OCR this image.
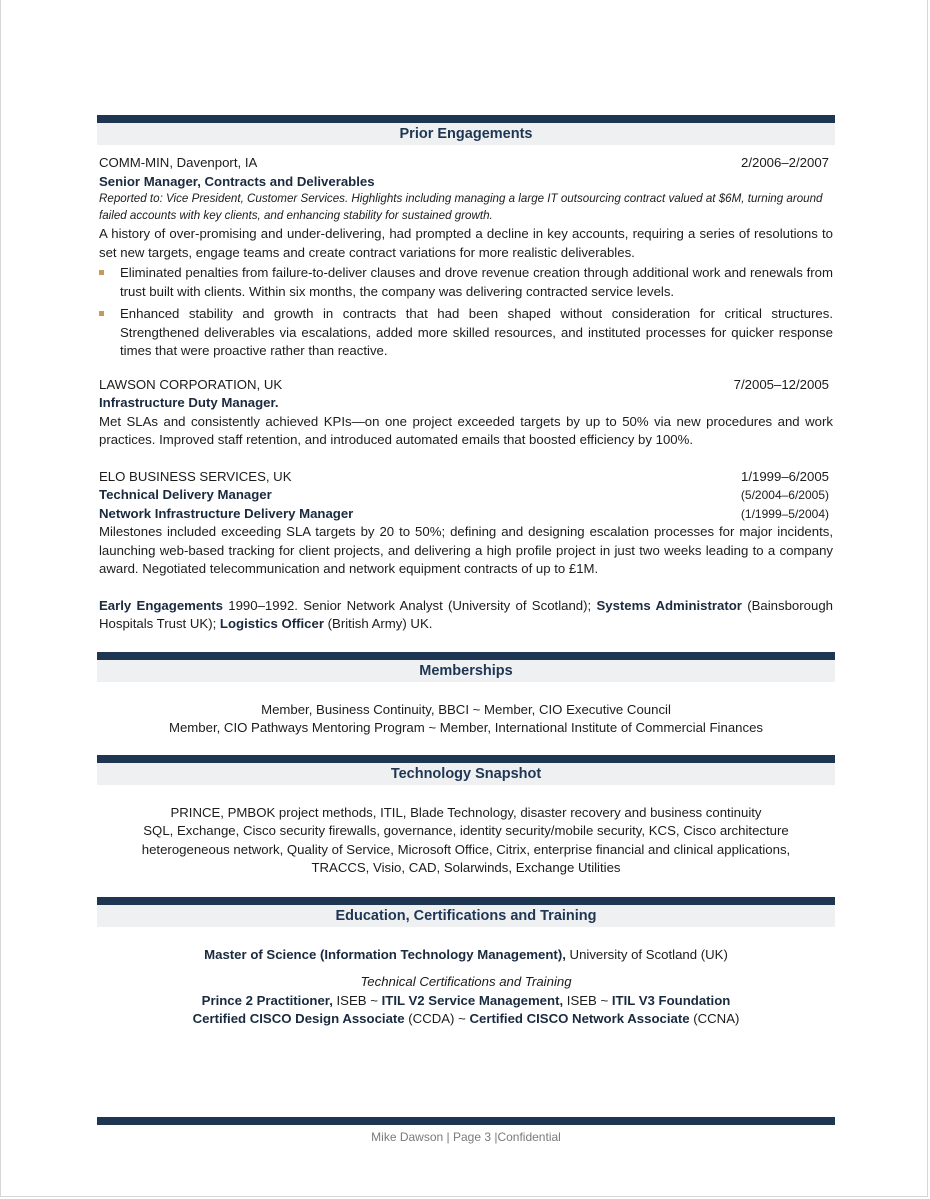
Prior Engagements
COMM-MIN, Davenport, IA	2/2006–2/2007
Senior Manager, Contracts and Deliverables
Reported to: Vice President, Customer Services. Highlights including managing a large IT outsourcing contract valued at $6M, turning around failed accounts with key clients, and enhancing stability for sustained growth.
A history of over-promising and under-delivering, had prompted a decline in key accounts, requiring a series of resolutions to set new targets, engage teams and create contract variations for more realistic deliverables.
Eliminated penalties from failure-to-deliver clauses and drove revenue creation through additional work and renewals from trust built with clients. Within six months, the company was delivering contracted service levels.
Enhanced stability and growth in contracts that had been shaped without consideration for critical structures. Strengthened deliverables via escalations, added more skilled resources, and instituted processes for quicker response times that were proactive rather than reactive.
LAWSON CORPORATION, UK	7/2005–12/2005
Infrastructure Duty Manager.
Met SLAs and consistently achieved KPIs—on one project exceeded targets by up to 50% via new procedures and work practices. Improved staff retention, and introduced automated emails that boosted efficiency by 100%.
ELO BUSINESS SERVICES, UK	1/1999–6/2005
Technical Delivery Manager	(5/2004–6/2005)
Network Infrastructure Delivery Manager	(1/1999–5/2004)
Milestones included exceeding SLA targets by 20 to 50%; defining and designing escalation processes for major incidents, launching web-based tracking for client projects, and delivering a high profile project in just two weeks leading to a company award. Negotiated telecommunication and network equipment contracts of up to £1M.
Early Engagements 1990–1992. Senior Network Analyst (University of Scotland); Systems Administrator (Bainsborough Hospitals Trust UK); Logistics Officer (British Army) UK.
Memberships
Member, Business Continuity, BBCI ~ Member, CIO Executive Council
Member, CIO Pathways Mentoring Program ~ Member, International Institute of Commercial Finances
Technology Snapshot
PRINCE, PMBOK project methods, ITIL, Blade Technology, disaster recovery and business continuity
SQL, Exchange, Cisco security firewalls, governance, identity security/mobile security, KCS, Cisco architecture
heterogeneous network, Quality of Service, Microsoft Office, Citrix, enterprise financial and clinical applications,
TRACCS, Visio, CAD, Solarwinds, Exchange Utilities
Education, Certifications and Training
Master of Science (Information Technology Management), University of Scotland (UK)
Technical Certifications and Training
Prince 2 Practitioner, ISEB ~ ITIL V2 Service Management, ISEB ~ ITIL V3 Foundation
Certified CISCO Design Associate (CCDA) ~ Certified CISCO Network Associate (CCNA)
Mike Dawson | Page 3 |Confidential
